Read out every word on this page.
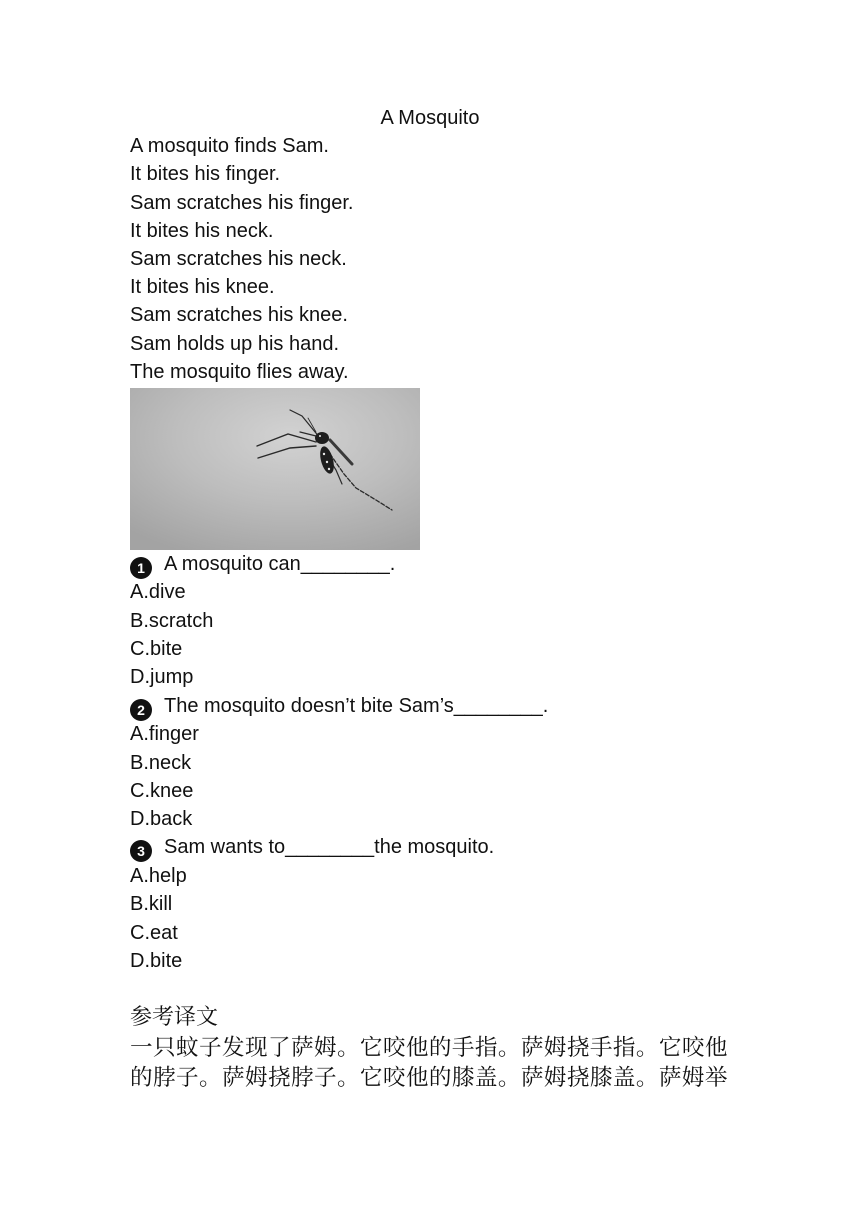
A Mosquito
A mosquito finds Sam.
It bites his finger.
Sam scratches his finger.
It bites his neck.
Sam scratches his neck.
It bites his knee.
Sam scratches his knee.
Sam holds up his hand.
The mosquito flies away.
1 A mosquito can________.
A.dive
B.scratch
C.bite
D.jump
2 The mosquito doesn’t bite Sam’s________.
A.finger
B.neck
C.knee
D.back
3 Sam wants to________the mosquito.
A.help
B.kill
C.eat
D.bite
参考译文
一只蚊子发现了萨姆。它咬他的手指。萨姆挠手指。它咬他
的脖子。萨姆挠脖子。它咬他的膝盖。萨姆挠膝盖。萨姆举
